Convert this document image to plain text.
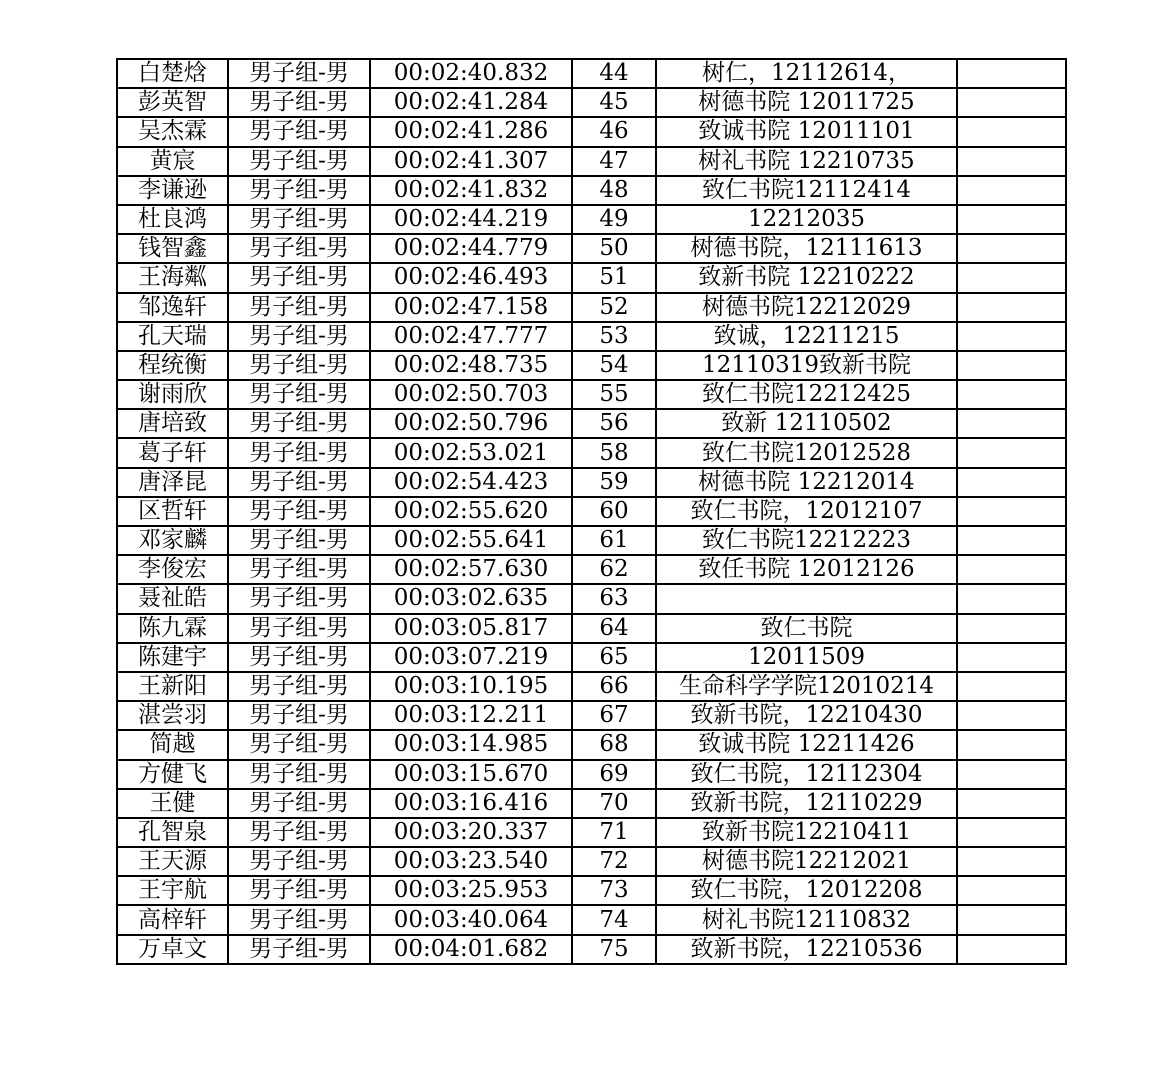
白楚焓	男子组-男	00:02:40.832	44	树仁，12112614，	
彭英智	男子组-男	00:02:41.284	45	树德书院 12011725	
吴杰霖	男子组-男	00:02:41.286	46	致诚书院 12011101	
黄宸	男子组-男	00:02:41.307	47	树礼书院 12210735	
李谦逊	男子组-男	00:02:41.832	48	致仁书院12112414	
杜良鸿	男子组-男	00:02:44.219	49	12212035	
钱智鑫	男子组-男	00:02:44.779	50	树德书院，12111613	
王海粼	男子组-男	00:02:46.493	51	致新书院 12210222	
邹逸轩	男子组-男	00:02:47.158	52	树德书院12212029	
孔天瑞	男子组-男	00:02:47.777	53	致诚，12211215	
程统衡	男子组-男	00:02:48.735	54	12110319致新书院	
谢雨欣	男子组-男	00:02:50.703	55	致仁书院12212425	
唐培致	男子组-男	00:02:50.796	56	致新 12110502	
葛子轩	男子组-男	00:02:53.021	58	致仁书院12012528	
唐泽昆	男子组-男	00:02:54.423	59	树德书院 12212014	
区哲轩	男子组-男	00:02:55.620	60	致仁书院，12012107	
邓家麟	男子组-男	00:02:55.641	61	致仁书院12212223	
李俊宏	男子组-男	00:02:57.630	62	致任书院 12012126	
聂祉皓	男子组-男	00:03:02.635	63		
陈九霖	男子组-男	00:03:05.817	64	致仁书院	
陈建宇	男子组-男	00:03:07.219	65	12011509	
王新阳	男子组-男	00:03:10.195	66	生命科学学院12010214	
湛尝羽	男子组-男	00:03:12.211	67	致新书院，12210430	
简越	男子组-男	00:03:14.985	68	致诚书院 12211426	
方健飞	男子组-男	00:03:15.670	69	致仁书院，12112304	
王健	男子组-男	00:03:16.416	70	致新书院，12110229	
孔智泉	男子组-男	00:03:20.337	71	致新书院12210411	
王天源	男子组-男	00:03:23.540	72	树德书院12212021	
王宇航	男子组-男	00:03:25.953	73	致仁书院，12012208	
高梓轩	男子组-男	00:03:40.064	74	树礼书院12110832	
万卓文	男子组-男	00:04:01.682	75	致新书院，12210536	
